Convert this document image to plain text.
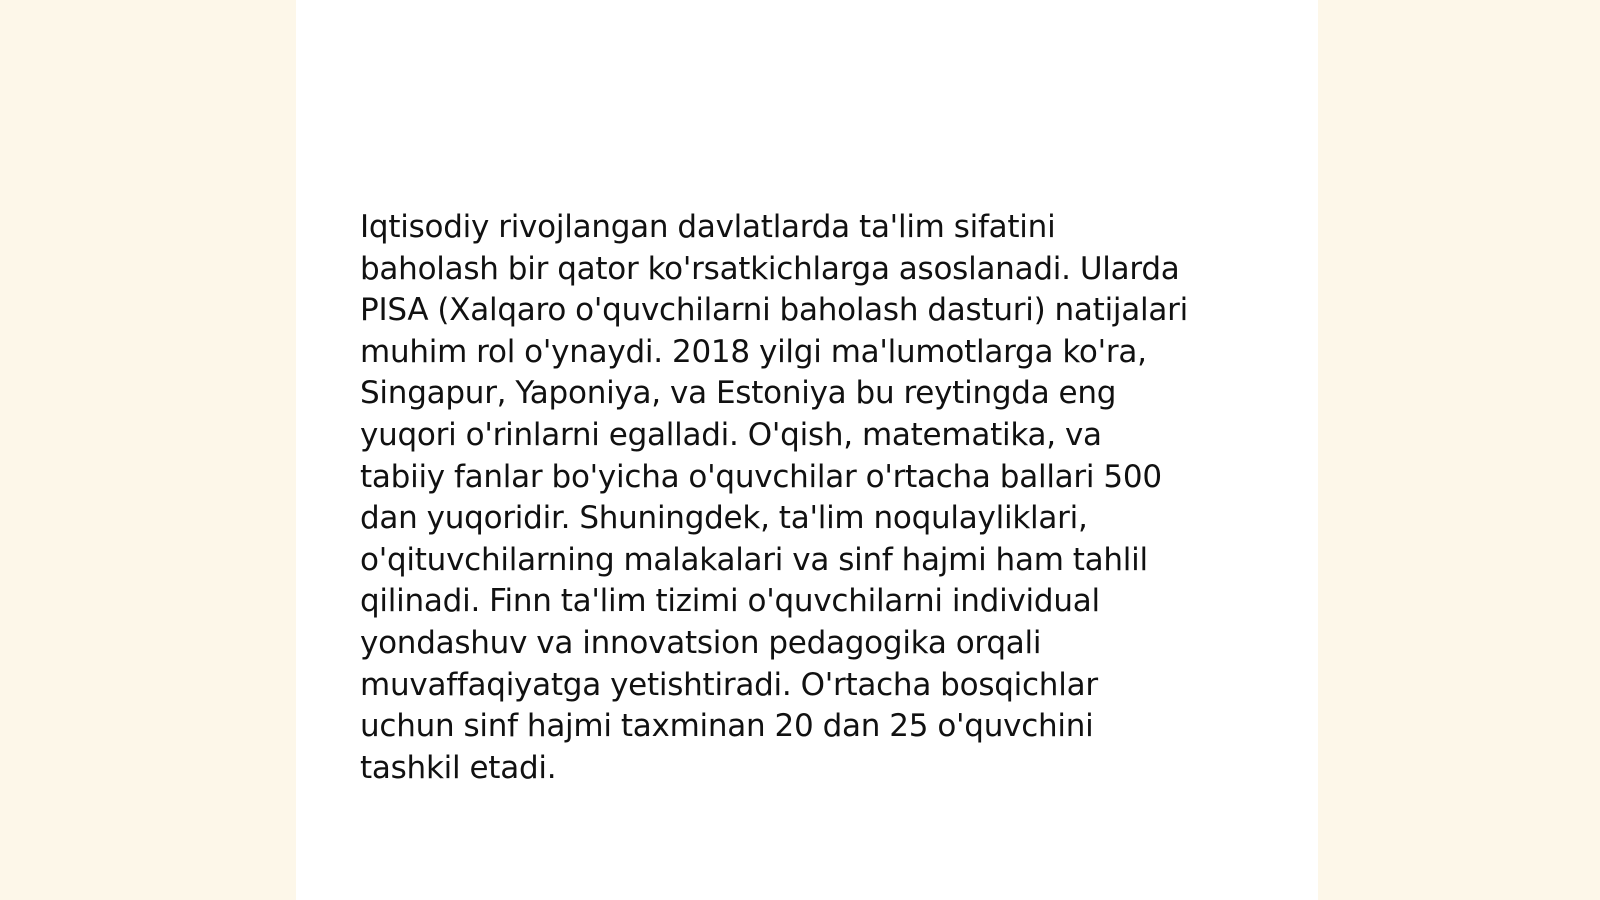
Iqtisodiy rivojlangan davlatlarda ta'lim sifatini
baholash bir qator ko'rsatkichlarga asoslanadi. Ularda
PISA (Xalqaro o'quvchilarni baholash dasturi) natijalari
muhim rol o'ynaydi. 2018 yilgi ma'lumotlarga ko'ra,
Singapur, Yaponiya, va Estoniya bu reytingda eng
yuqori o'rinlarni egalladi. O'qish, matematika, va
tabiiy fanlar bo'yicha o'quvchilar o'rtacha ballari 500
dan yuqoridir. Shuningdek, ta'lim noqulayliklari,
o'qituvchilarning malakalari va sinf hajmi ham tahlil
qilinadi. Finn ta'lim tizimi o'quvchilarni individual
yondashuv va innovatsion pedagogika orqali
muvaffaqiyatga yetishtiradi. O'rtacha bosqichlar
uchun sinf hajmi taxminan 20 dan 25 o'quvchini
tashkil etadi.
